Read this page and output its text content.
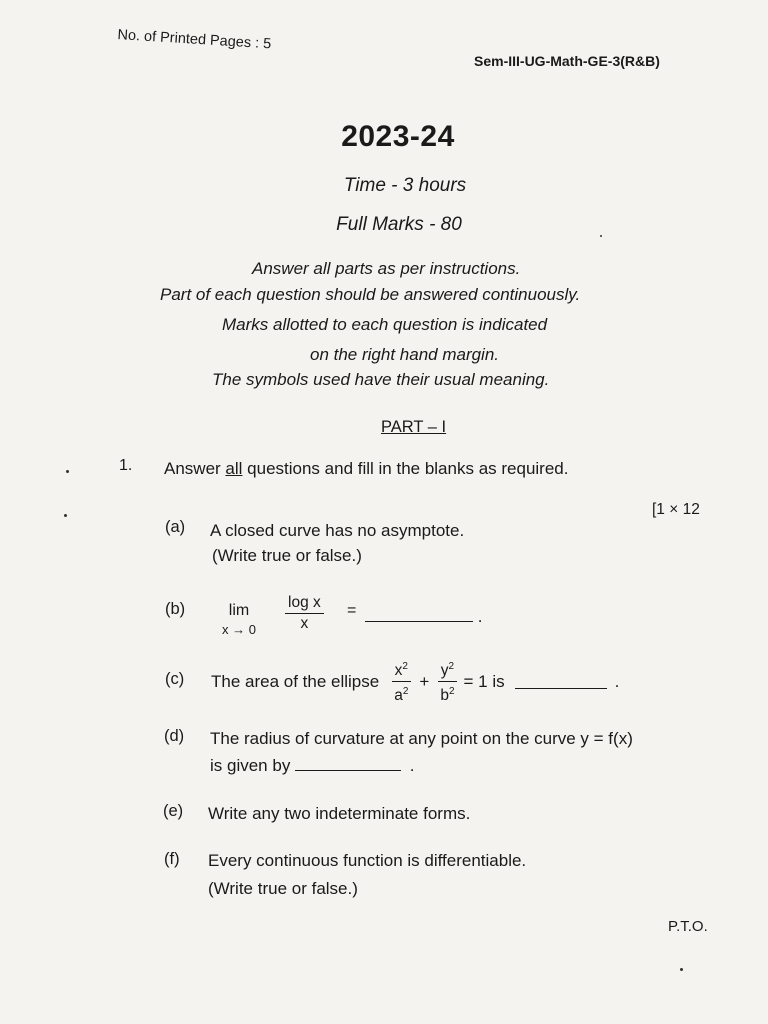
No. of Printed Pages : 5
Sem-III-UG-Math-GE-3(R&B)
2023-24
Time - 3 hours
Full Marks - 80
Answer all parts as per instructions.
Part of each question should be answered continuously.
Marks allotted to each question is indicated
on the right hand margin.
The symbols used have their usual meaning.
PART – I
1. Answer all questions and fill in the blanks as required.
[1 × 12
(a) A closed curve has no asymptote.
(Write true or false.)
(b)	lim
$x \to 0 \frac{\text{log x}}{x}$ =	.
(c) The area of the ellipse $\frac{x^2}{a^2} + \frac{y^2}{b^2} = 1$ is	.
(d) The radius of curvature at any point on the curve y = f(x)
is given by	.
(e) Write any two indeterminate forms.
(f) Every continuous function is differentiable.
(Write true or false.)
P.T.O.
